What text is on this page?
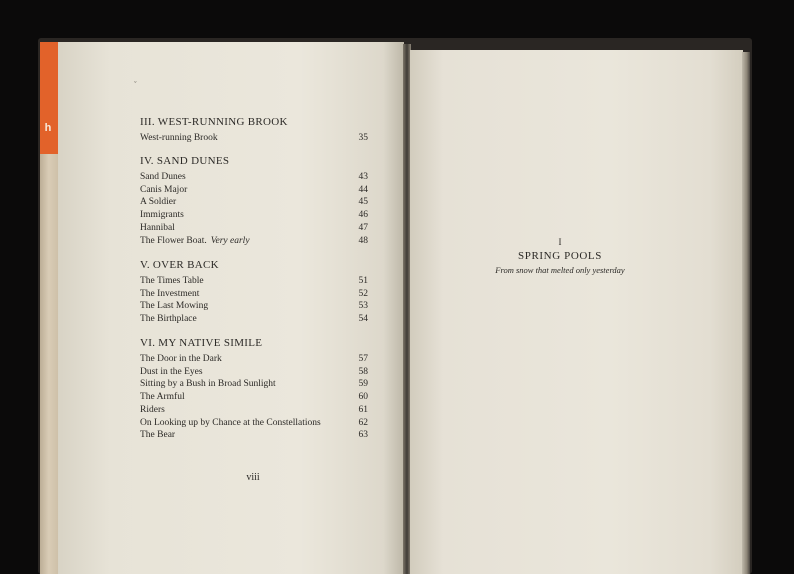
h
ˇ
III. WEST-RUNNING BROOK
West-running Brook	35
IV. SAND DUNES
Sand Dunes	43
Canis Major	44
A Soldier	45
Immigrants	46
Hannibal	47
The Flower Boat. Very early	48
V. OVER BACK
The Times Table	51
The Investment	52
The Last Mowing	53
The Birthplace	54
VI. MY NATIVE SIMILE
The Door in the Dark	57
Dust in the Eyes	58
Sitting by a Bush in Broad Sunlight	59
The Armful	60
Riders	61
On Looking up by Chance at the Constellations	62
The Bear	63
viii
I
SPRING POOLS
From snow that melted only yesterday
